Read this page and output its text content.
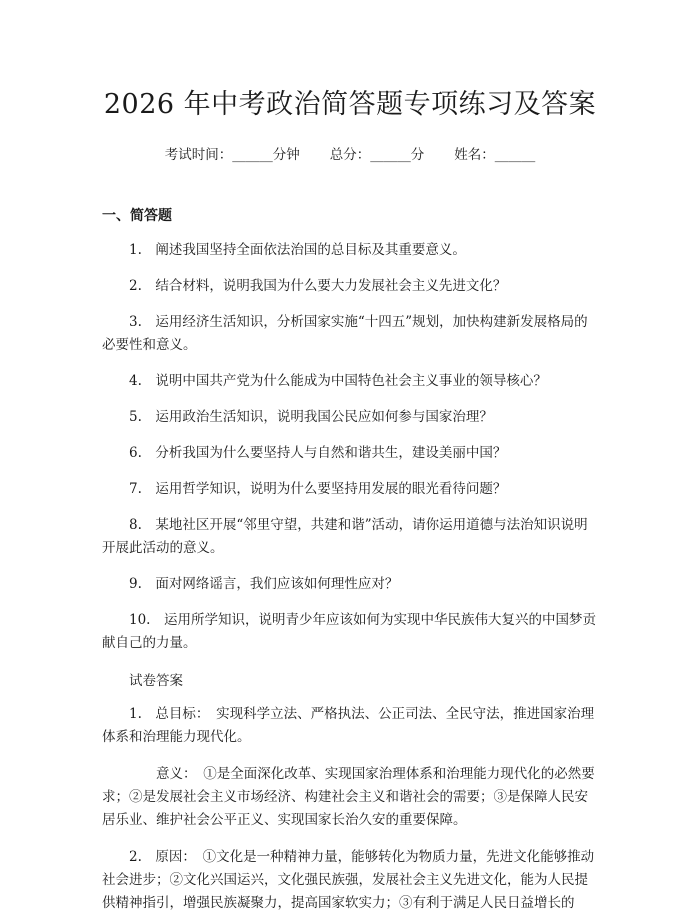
2026 年中考政治简答题专项练习及答案
考试时间：______分钟 总分：______分 姓名：______
一、简答题

1.　阐述我国坚持全面依法治国的总目标及其重要意义。

2.　结合材料，说明我国为什么要大力发展社会主义先进文化？

3.　运用经济生活知识，分析国家实施“十四五”规划，加快构建新发展格局的必要性和意义。

4.　说明中国共产党为什么能成为中国特色社会主义事业的领导核心？

5.　运用政治生活知识，说明我国公民应如何参与国家治理？

6.　分析我国为什么要坚持人与自然和谐共生，建设美丽中国？

7.　运用哲学知识，说明为什么要坚持用发展的眼光看待问题？

8.　某地社区开展“邻里守望，共建和谐”活动，请你运用道德与法治知识说明开展此活动的意义。

9.　面对网络谣言，我们应该如何理性应对？

10.　运用所学知识，说明青少年应该如何为实现中华民族伟大复兴的中国梦贡献自己的力量。

试卷答案

1.　总目标：　实现科学立法、严格执法、公正司法、全民守法，推进国家治理体系和治理能力现代化。

意义：　①是全面深化改革、实现国家治理体系和治理能力现代化的必然要求；②是发展社会主义市场经济、构建社会主义和谐社会的需要；③是保障人民安居乐业、维护社会公平正义、实现国家长治久安的重要保障。

2.　原因：　①文化是一种精神力量，能够转化为物质力量，先进文化能够推动社会进步；②文化兴国运兴，文化强民族强，发展社会主义先进文化，能为人民提供精神指引，增强民族凝聚力，提高国家软实力；③有利于满足人民日益增长的
